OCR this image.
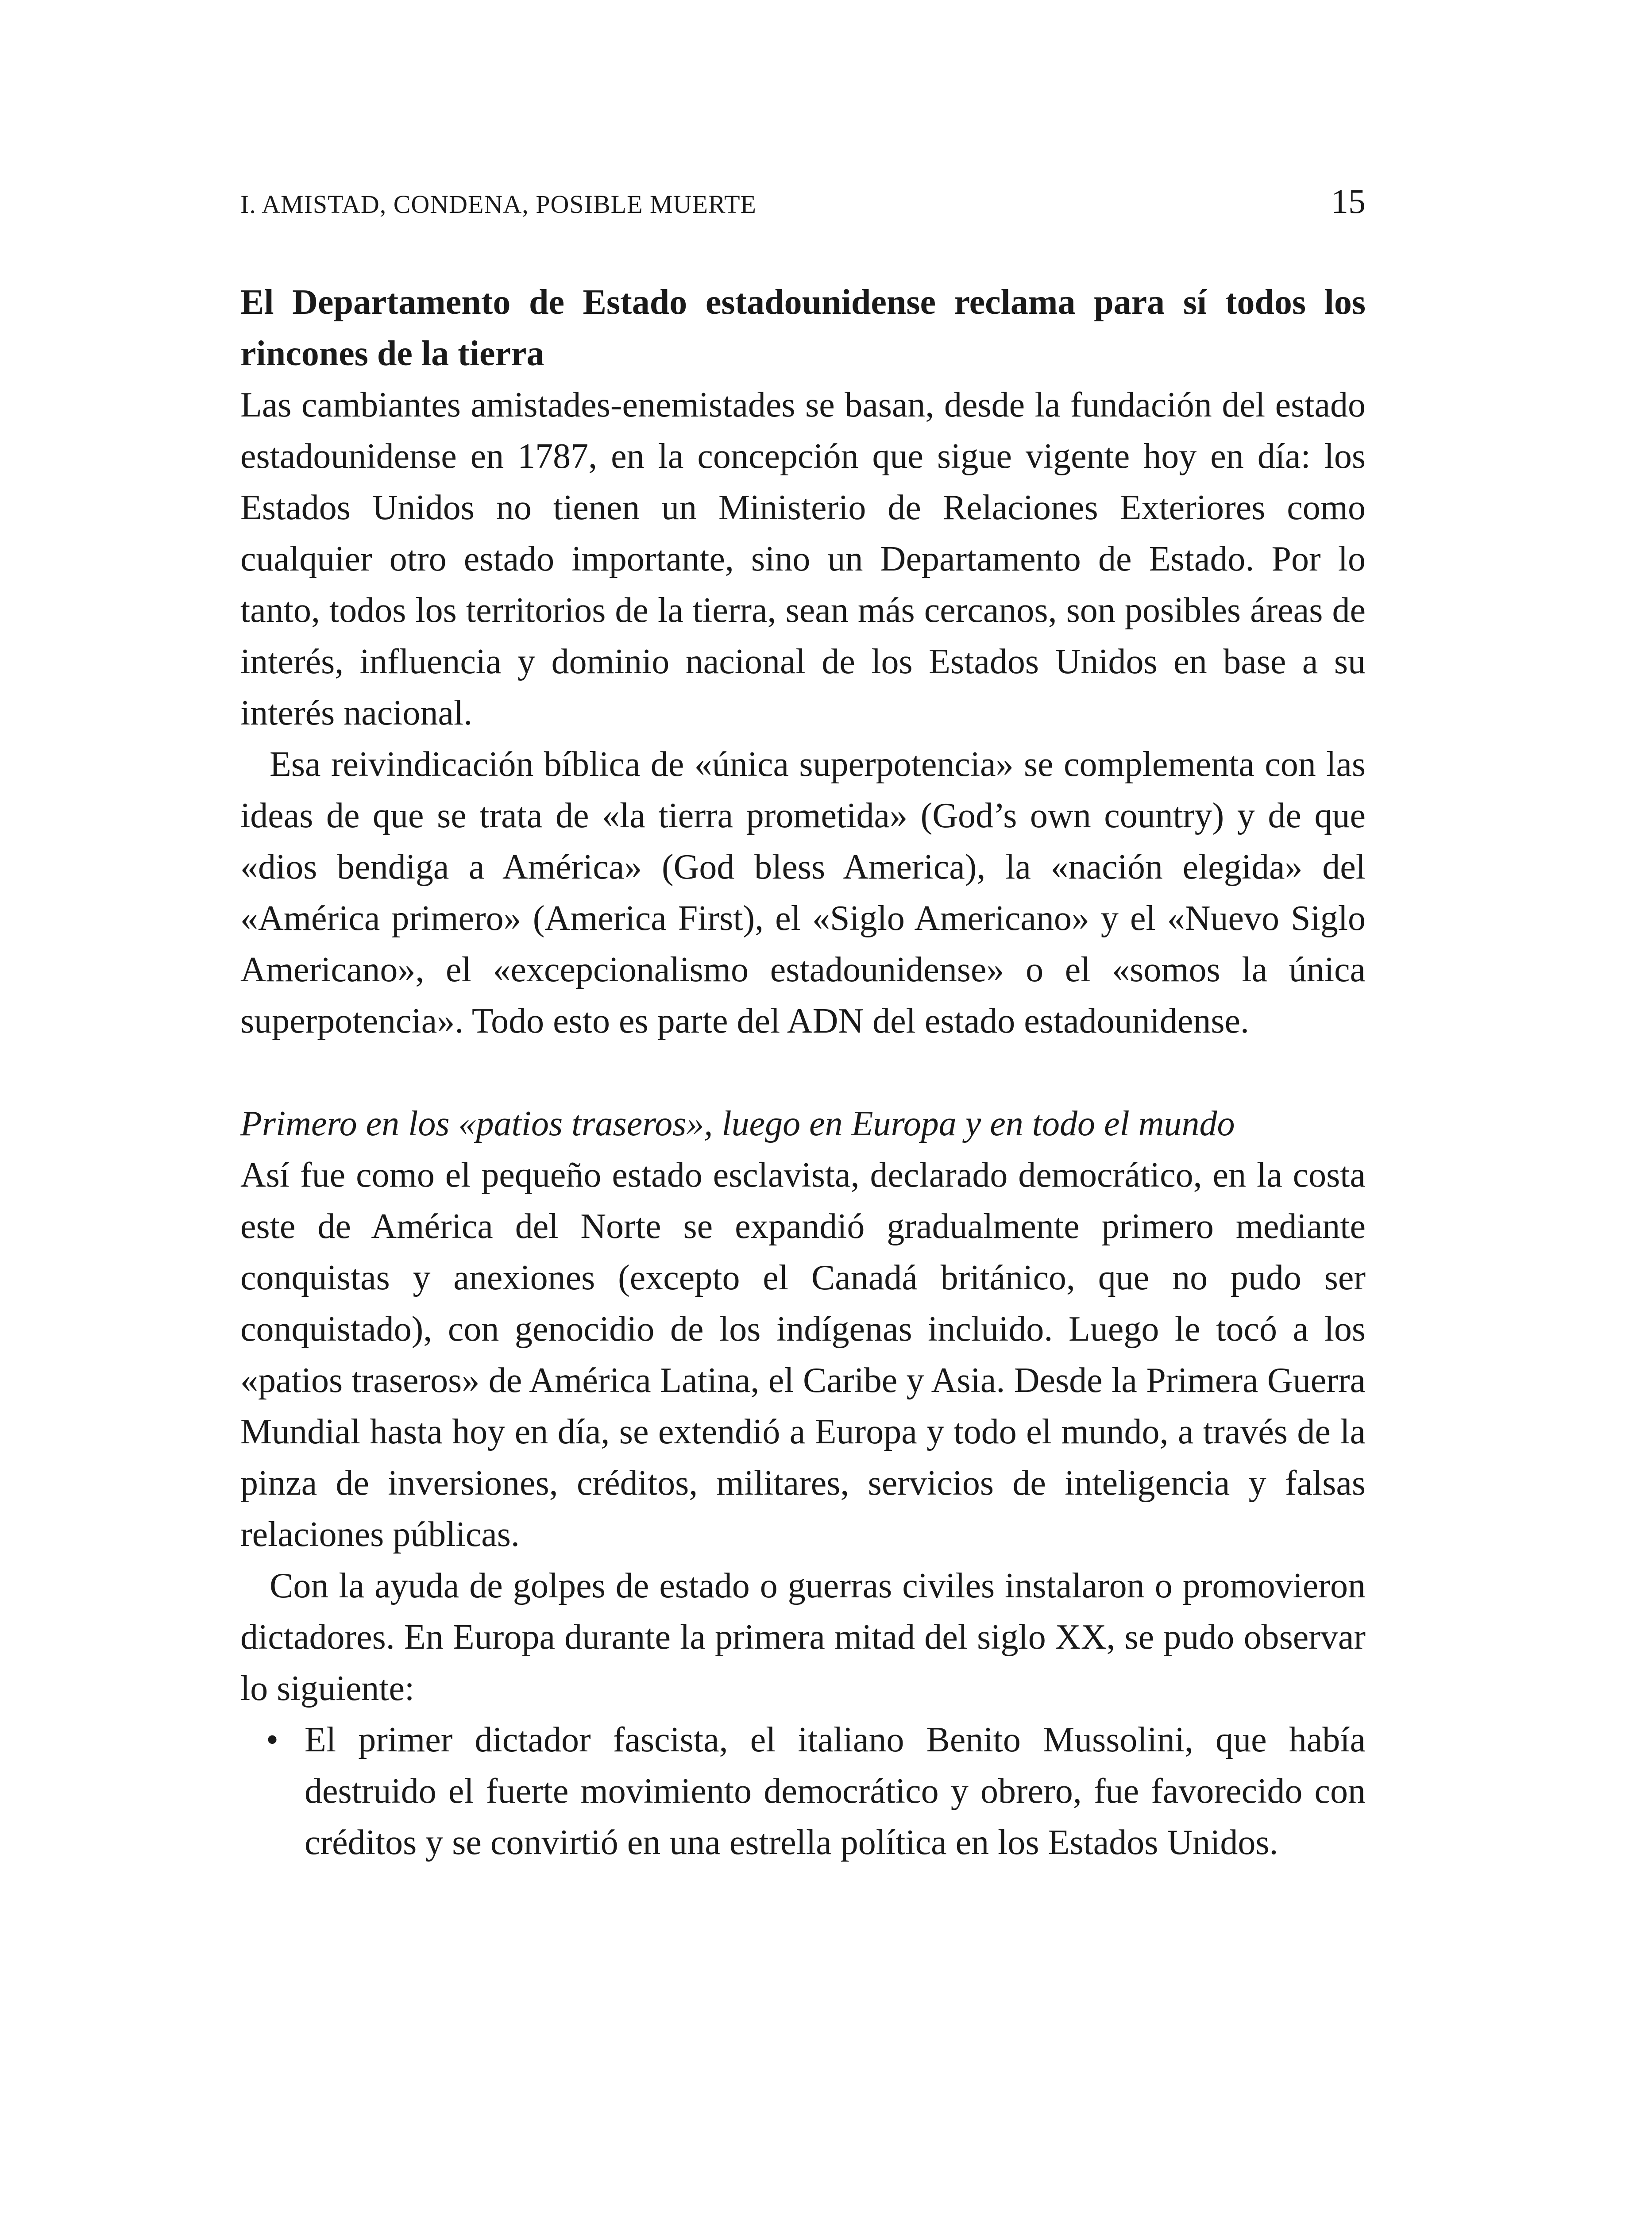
I. AMISTAD, CONDENA, POSIBLE MUERTE	15

El Departamento de Estado estadounidense reclama para sí todos los rincones de la tierra

Las cambiantes amistades-enemistades se basan, desde la fundación del estado estadounidense en 1787, en la concepción que sigue vigente hoy en día: los Estados Unidos no tienen un Ministerio de Relaciones Exteriores como cualquier otro estado importante, sino un Departamento de Estado. Por lo tanto, todos los territorios de la tierra, sean más cercanos, son posibles áreas de interés, influencia y dominio nacional de los Estados Unidos en base a su interés nacional.

Esa reivindicación bíblica de «única superpotencia» se complementa con las ideas de que se trata de «la tierra prometida» (God’s own country) y de que «dios bendiga a América» (God bless America), la «nación elegida» del «América primero» (America First), el «Siglo Americano» y el «Nuevo Siglo Americano», el «excepcionalismo estadounidense» o el «somos la única superpotencia». Todo esto es parte del ADN del estado estadounidense.

Primero en los «patios traseros», luego en Europa y en todo el mundo

Así fue como el pequeño estado esclavista, declarado democrático, en la costa este de América del Norte se expandió gradualmente primero mediante conquistas y anexiones (excepto el Canadá británico, que no pudo ser conquistado), con genocidio de los indígenas incluido. Luego le tocó a los «patios traseros» de América Latina, el Caribe y Asia. Desde la Primera Guerra Mundial hasta hoy en día, se extendió a Europa y todo el mundo, a través de la pinza de inversiones, créditos, militares, servicios de inteligencia y falsas relaciones públicas.

Con la ayuda de golpes de estado o guerras civiles instalaron o promovieron dictadores. En Europa durante la primera mitad del siglo XX, se pudo observar lo siguiente:

• El primer dictador fascista, el italiano Benito Mussolini, que había destruido el fuerte movimiento democrático y obrero, fue favorecido con créditos y se convirtió en una estrella política en los Estados Unidos.
